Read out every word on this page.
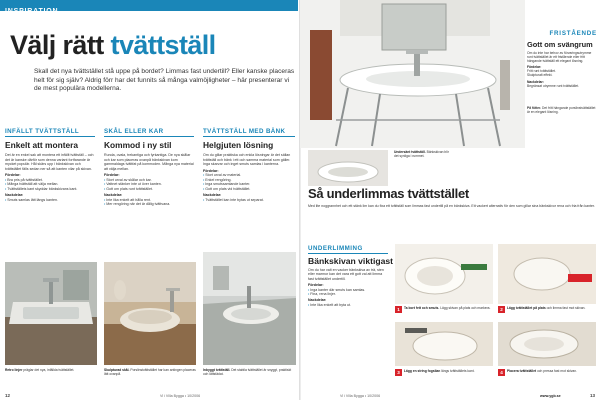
INSPIRATION
Välj rätt tvättställ
Skall det nya tvättstället stå uppe på bordet? Limmas fast undertill? Eller kanske placeras helt för sig själv? Aldrig förr har det funnits så många valmöjligheter – här presenterar vi de mest populära modellerna.
INFÄLLT TVÄTTSTÄLL	SKÅL ELLER KAR	TVÄTTSTÄLL MED BÄNK
Enkelt att montera

Det är en enkel sak att montera ett infällt tvättställ – och det är kanske därför som denna variant fortfarande är mycket populär. Hål skärs upp i bänkskivan och tvättstället fälls sedan ner så att kanten vilar på skivan.

Fördelar:
• Bra pris på tvättstället.
• Många tvättställ att välja mellan.
• Tvättställets kant skyddar bänkskivans kant.
Nackdelar:
• Smuts samlas lätt längs kanten.
Kommod i ny stil

Runda, ovala, trekantiga och fyrkantiga. De nya skålar och kar som placeras ovanpå bänkskivan kom gammaldags tvättfat på kommoden. Många nya material att välja mellan.

Fördelar:
• Stort urval av skålar och kar.
• Vattnet stänker inte ut över kanten.
• Gott om plats runt tvättstället.
Nackdelar:
• Inte lika enkelt att hålla rent.
• Mer rengöring när det är dålig tvättvana.
Helgjuten lösning

Om du gillar praktiska och enkla lösningar är det sällan tvättställ och bänk i ett och samma material som gäller. Inga skarvar och inget smuts samlas i kanterna.

Fördelar:
• Stort urval av material.
• Enkel rengöring.
• Inga smutssamlande kanter.
• Gott om plats vid tvättstället.
Nackdelar:
• Tvättstället kan inte bytas ut separat.
Retro linjer präglar det nya, infällda tvättstället.	Skulpturad skål. Porslinstvättstället har kan antingen placeras lätt ovanpå.
Inbyggt tvättställ. Det stabila tvättstället är snyggt, praktiskt och lättstädat.
12	Vi i Villa Bygga • 10/2006
FRISTÅENDE
Gott om svängrum

Om du inte har behov av förvaringsutrymme runt tvättstället är ett fristående eller fritt hängande tvättställ ett elegant lösning.

Fördelar:
Fritt runt tvättstället.
Skulpturalt effekt.
Nackdelar:
Begränsat utrymme runt tvättstället.
På fötter. Det fritt hängande porslinstvättstället är en elegant lösning.
Så underlimmas tvättstället
Med lite noggrannhet och ett stänk lim kan du fixa ett tvättställ som limmas fast undertill på en bänkskiva. Ett vackert alternativ för den som gillar sina bänkskivor rena och fria från kanter.
UNDERLIMMING
Bänkskivan viktigast

Om du har valt en vacker bänkskiva av trä, sten eller marmor kan det vara ett gott val att limma fast tvättstället undertill.

Fördelar:
• Inga kanter där smuts kan samlas.
• Fina, rena linjer.
Nackdelar:
• Inte lika enkelt att byta ut.
Undersänt tvättställ. Bänkskivan blir det synliga i rummet.
1 Ta bort fett och smuts. Lägg skivan på plats och markera.	2 Lägg tvättstället på plats och limma fast mot skivan.
3 Lägg en string fogsilan längs tvättställets kant.	4 Placera tvättstället och pressa fast mot skivan.
Vi i Villa Bygga • 10/2006	www.ygb.se	13
